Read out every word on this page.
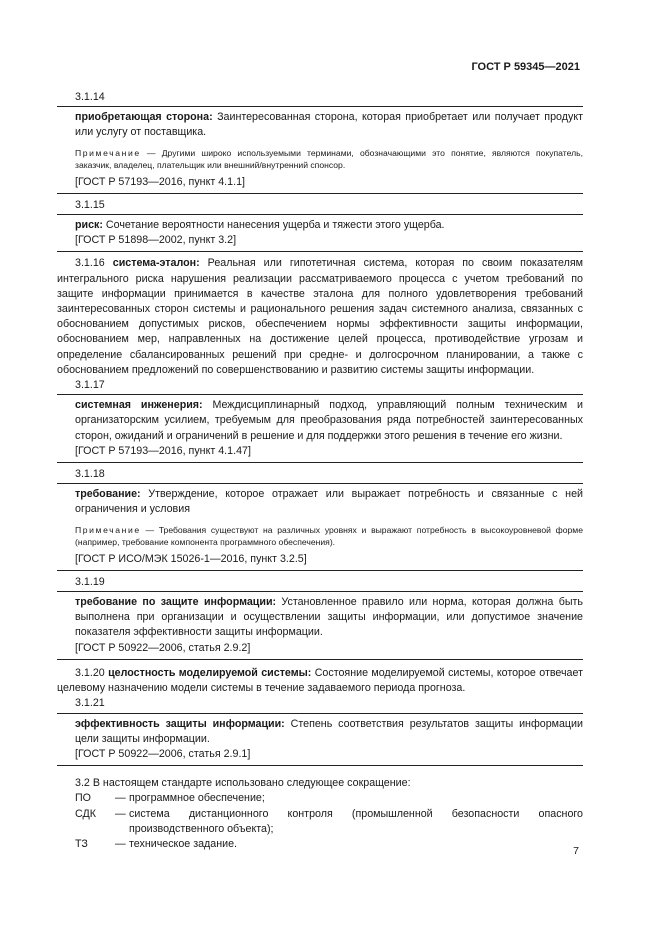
ГОСТ Р 59345—2021
3.1.14

приобретающая сторона: Заинтересованная сторона, которая приобретает или получает продукт или услугу от поставщика.

Примечание — Другими широко используемыми терминами, обозначающими это понятие, являются покупатель, заказчик, владелец, плательщик или внешний/внутренний спонсор.

[ГОСТ Р 57193—2016, пункт 4.1.1]

3.1.15

риск: Сочетание вероятности нанесения ущерба и тяжести этого ущерба.

[ГОСТ Р 51898—2002, пункт 3.2]

3.1.16 система-эталон: Реальная или гипотетичная система, которая по своим показателям интегрального риска нарушения реализации рассматриваемого процесса с учетом требований по защите информации принимается в качестве эталона для полного удовлетворения требований заинтересованных сторон системы и рационального решения задач системного анализа, связанных с обоснованием допустимых рисков, обеспечением нормы эффективности защиты информации, обоснованием мер, направленных на достижение целей процесса, противодействие угрозам и определение сбалансированных решений при средне- и долгосрочном планировании, а также с обоснованием предложений по совершенствованию и развитию системы защиты информации.

3.1.17

системная инженерия: Междисциплинарный подход, управляющий полным техническим и организаторским усилием, требуемым для преобразования ряда потребностей заинтересованных сторон, ожиданий и ограничений в решение и для поддержки этого решения в течение его жизни.

[ГОСТ Р 57193—2016, пункт 4.1.47]

3.1.18

требование: Утверждение, которое отражает или выражает потребность и связанные с ней ограничения и условия

Примечание — Требования существуют на различных уровнях и выражают потребность в высокоуровневой форме (например, требование компонента программного обеспечения).

[ГОСТ Р ИСО/МЭК 15026-1—2016, пункт 3.2.5]

3.1.19

требование по защите информации: Установленное правило или норма, которая должна быть выполнена при организации и осуществлении защиты информации, или допустимое значение показателя эффективности защиты информации.

[ГОСТ Р 50922—2006, статья 2.9.2]

3.1.20 целостность моделируемой системы: Состояние моделируемой системы, которое отвечает целевому назначению модели системы в течение задаваемого периода прогноза.

3.1.21

эффективность защиты информации: Степень соответствия результатов защиты информации цели защиты информации.

[ГОСТ Р 50922—2006, статья 2.9.1]

3.2 В настоящем стандарте использовано следующее сокращение:
ПО	— программное обеспечение;
СДК	— система дистанционного контроля (промышленной безопасности опасного производственного объекта);
ТЗ	— техническое задание.
7
